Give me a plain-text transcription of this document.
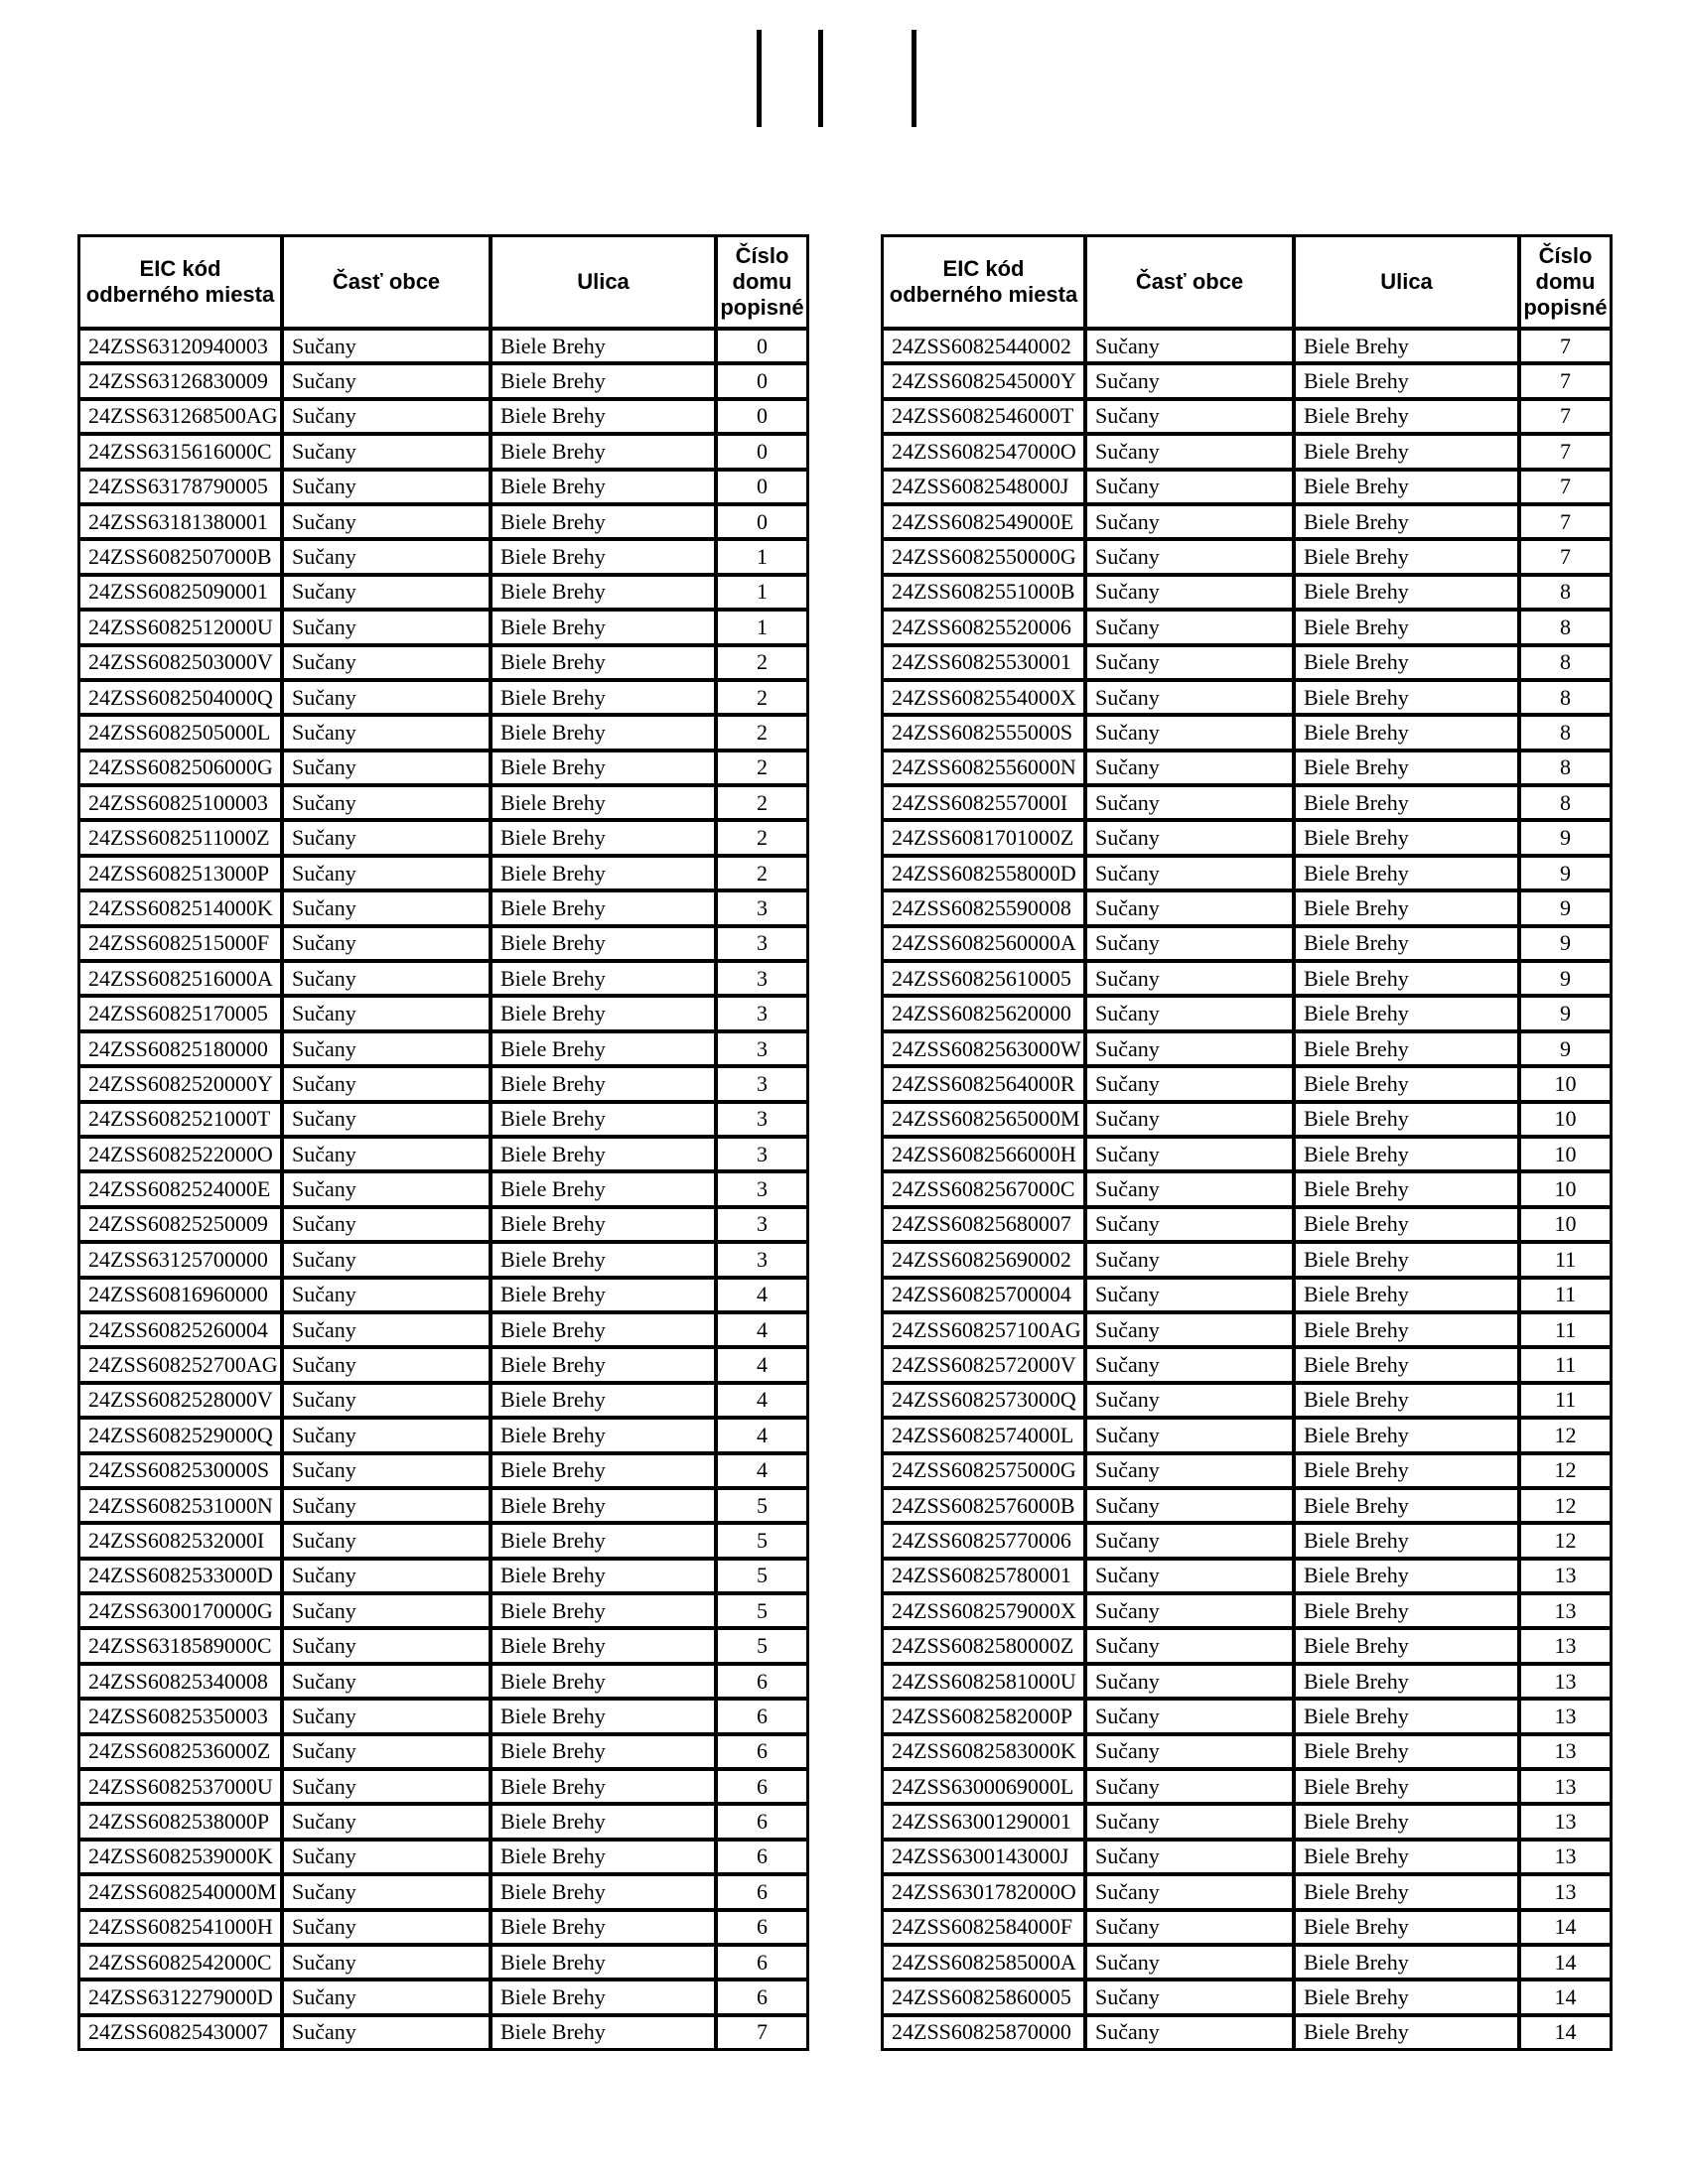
EIC kód odberného miesta	Časť obce	Ulica	Číslo domu popisné
24ZSS63120940003	Sučany	Biele Brehy	0
24ZSS63126830009	Sučany	Biele Brehy	0
24ZSS631268500AG	Sučany	Biele Brehy	0
24ZSS6315616000C	Sučany	Biele Brehy	0
24ZSS63178790005	Sučany	Biele Brehy	0
24ZSS63181380001	Sučany	Biele Brehy	0
24ZSS6082507000B	Sučany	Biele Brehy	1
24ZSS60825090001	Sučany	Biele Brehy	1
24ZSS6082512000U	Sučany	Biele Brehy	1
24ZSS6082503000V	Sučany	Biele Brehy	2
24ZSS6082504000Q	Sučany	Biele Brehy	2
24ZSS6082505000L	Sučany	Biele Brehy	2
24ZSS6082506000G	Sučany	Biele Brehy	2
24ZSS60825100003	Sučany	Biele Brehy	2
24ZSS6082511000Z	Sučany	Biele Brehy	2
24ZSS6082513000P	Sučany	Biele Brehy	2
24ZSS6082514000K	Sučany	Biele Brehy	3
24ZSS6082515000F	Sučany	Biele Brehy	3
24ZSS6082516000A	Sučany	Biele Brehy	3
24ZSS60825170005	Sučany	Biele Brehy	3
24ZSS60825180000	Sučany	Biele Brehy	3
24ZSS6082520000Y	Sučany	Biele Brehy	3
24ZSS6082521000T	Sučany	Biele Brehy	3
24ZSS6082522000O	Sučany	Biele Brehy	3
24ZSS6082524000E	Sučany	Biele Brehy	3
24ZSS60825250009	Sučany	Biele Brehy	3
24ZSS63125700000	Sučany	Biele Brehy	3
24ZSS60816960000	Sučany	Biele Brehy	4
24ZSS60825260004	Sučany	Biele Brehy	4
24ZSS608252700AG	Sučany	Biele Brehy	4
24ZSS6082528000V	Sučany	Biele Brehy	4
24ZSS6082529000Q	Sučany	Biele Brehy	4
24ZSS6082530000S	Sučany	Biele Brehy	4
24ZSS6082531000N	Sučany	Biele Brehy	5
24ZSS6082532000I	Sučany	Biele Brehy	5
24ZSS6082533000D	Sučany	Biele Brehy	5
24ZSS6300170000G	Sučany	Biele Brehy	5
24ZSS6318589000C	Sučany	Biele Brehy	5
24ZSS60825340008	Sučany	Biele Brehy	6
24ZSS60825350003	Sučany	Biele Brehy	6
24ZSS6082536000Z	Sučany	Biele Brehy	6
24ZSS6082537000U	Sučany	Biele Brehy	6
24ZSS6082538000P	Sučany	Biele Brehy	6
24ZSS6082539000K	Sučany	Biele Brehy	6
24ZSS6082540000M	Sučany	Biele Brehy	6
24ZSS6082541000H	Sučany	Biele Brehy	6
24ZSS6082542000C	Sučany	Biele Brehy	6
24ZSS6312279000D	Sučany	Biele Brehy	6
24ZSS60825430007	Sučany	Biele Brehy	7
EIC kód odberného miesta	Časť obce	Ulica	Číslo domu popisné
24ZSS60825440002	Sučany	Biele Brehy	7
24ZSS6082545000Y	Sučany	Biele Brehy	7
24ZSS6082546000T	Sučany	Biele Brehy	7
24ZSS6082547000O	Sučany	Biele Brehy	7
24ZSS6082548000J	Sučany	Biele Brehy	7
24ZSS6082549000E	Sučany	Biele Brehy	7
24ZSS6082550000G	Sučany	Biele Brehy	7
24ZSS6082551000B	Sučany	Biele Brehy	8
24ZSS60825520006	Sučany	Biele Brehy	8
24ZSS60825530001	Sučany	Biele Brehy	8
24ZSS6082554000X	Sučany	Biele Brehy	8
24ZSS6082555000S	Sučany	Biele Brehy	8
24ZSS6082556000N	Sučany	Biele Brehy	8
24ZSS6082557000I	Sučany	Biele Brehy	8
24ZSS6081701000Z	Sučany	Biele Brehy	9
24ZSS6082558000D	Sučany	Biele Brehy	9
24ZSS60825590008	Sučany	Biele Brehy	9
24ZSS6082560000A	Sučany	Biele Brehy	9
24ZSS60825610005	Sučany	Biele Brehy	9
24ZSS60825620000	Sučany	Biele Brehy	9
24ZSS6082563000W	Sučany	Biele Brehy	9
24ZSS6082564000R	Sučany	Biele Brehy	10
24ZSS6082565000M	Sučany	Biele Brehy	10
24ZSS6082566000H	Sučany	Biele Brehy	10
24ZSS6082567000C	Sučany	Biele Brehy	10
24ZSS60825680007	Sučany	Biele Brehy	10
24ZSS60825690002	Sučany	Biele Brehy	11
24ZSS60825700004	Sučany	Biele Brehy	11
24ZSS608257100AG	Sučany	Biele Brehy	11
24ZSS6082572000V	Sučany	Biele Brehy	11
24ZSS6082573000Q	Sučany	Biele Brehy	11
24ZSS6082574000L	Sučany	Biele Brehy	12
24ZSS6082575000G	Sučany	Biele Brehy	12
24ZSS6082576000B	Sučany	Biele Brehy	12
24ZSS60825770006	Sučany	Biele Brehy	12
24ZSS60825780001	Sučany	Biele Brehy	13
24ZSS6082579000X	Sučany	Biele Brehy	13
24ZSS6082580000Z	Sučany	Biele Brehy	13
24ZSS6082581000U	Sučany	Biele Brehy	13
24ZSS6082582000P	Sučany	Biele Brehy	13
24ZSS6082583000K	Sučany	Biele Brehy	13
24ZSS6300069000L	Sučany	Biele Brehy	13
24ZSS63001290001	Sučany	Biele Brehy	13
24ZSS6300143000J	Sučany	Biele Brehy	13
24ZSS6301782000O	Sučany	Biele Brehy	13
24ZSS6082584000F	Sučany	Biele Brehy	14
24ZSS6082585000A	Sučany	Biele Brehy	14
24ZSS60825860005	Sučany	Biele Brehy	14
24ZSS60825870000	Sučany	Biele Brehy	14
